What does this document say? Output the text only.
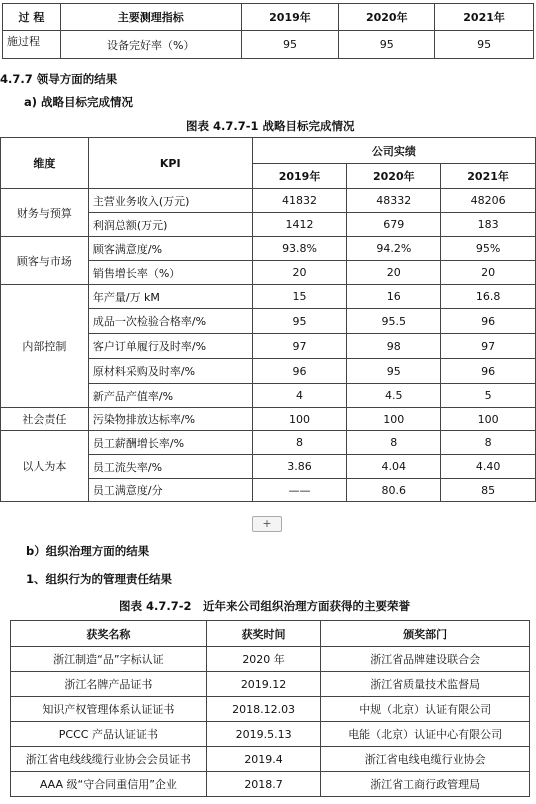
过 程	主要测理指标	2019年	2020年	2021年
施过程	设备完好率（%）	95	95	95
4.7.7 领导方面的结果
a) 战略目标完成情况
图表 4.7.7-1 战略目标完成情况
维度	KPI	公司实绩		
		2019年	2020年	2021年
财务与预算	主营业务收入(万元)	41832	48332	48206
	利润总额(万元)	1412	679	183
顾客与市场	顾客满意度/%	93.8%	94.2%	95%
	销售增长率（%）	20	20	20
内部控制	年产量/万 kM	15	16	16.8
	成品一次检验合格率/%	95	95.5	96
	客户订单履行及时率/%	97	98	97
	原材料采购及时率/%	96	95	96
	新产品产值率/%	4	4.5	5
社会责任	污染物排放达标率/%	100	100	100
以人为本	员工薪酬增长率/%	8	8	8
	员工流失率/%	3.86	4.04	4.40
	员工满意度/分	——	80.6	85
+
b）组织治理方面的结果
1、组织行为的管理责任结果
图表 4.7.7-2　近年来公司组织治理方面获得的主要荣誉
获奖名称	获奖时间	颁奖部门
浙江制造“品”字标认证	2020 年	浙江省品牌建设联合会
浙江名牌产品证书	2019.12	浙江省质量技术监督局
知识产权管理体系认证证书	2018.12.03	中规（北京）认证有限公司
PCCC 产品认证证书	2019.5.13	电能（北京）认证中心有限公司
浙江省电线线缆行业协会会员证书	2019.4	浙江省电线电缆行业协会
AAA 级“守合同重信用”企业	2018.7	浙江省工商行政管理局
